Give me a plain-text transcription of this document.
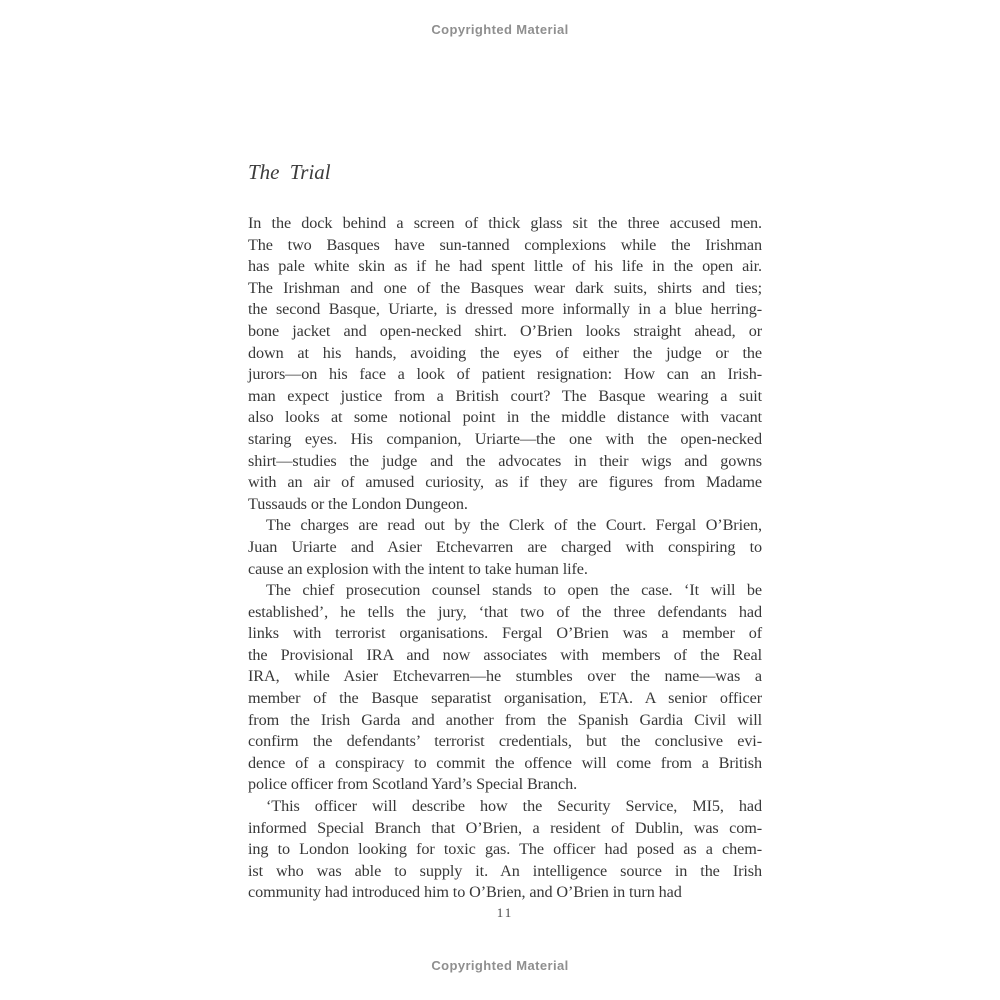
Copyrighted Material
The Trial
In the dock behind a screen of thick glass sit the three accused men.
The two Basques have sun-tanned complexions while the Irishman
has pale white skin as if he had spent little of his life in the open air.
The Irishman and one of the Basques wear dark suits, shirts and ties;
the second Basque, Uriarte, is dressed more informally in a blue herring-
bone jacket and open-necked shirt. O’Brien looks straight ahead, or
down at his hands, avoiding the eyes of either the judge or the
jurors—on his face a look of patient resignation: How can an Irish-
man expect justice from a British court? The Basque wearing a suit
also looks at some notional point in the middle distance with vacant
staring eyes. His companion, Uriarte—the one with the open-necked
shirt—studies the judge and the advocates in their wigs and gowns
with an air of amused curiosity, as if they are figures from Madame
Tussauds or the London Dungeon.
The charges are read out by the Clerk of the Court. Fergal O’Brien,
Juan Uriarte and Asier Etchevarren are charged with conspiring to
cause an explosion with the intent to take human life.
The chief prosecution counsel stands to open the case. ‘It will be
established’, he tells the jury, ‘that two of the three defendants had
links with terrorist organisations. Fergal O’Brien was a member of
the Provisional IRA and now associates with members of the Real
IRA, while Asier Etchevarren—he stumbles over the name—was a
member of the Basque separatist organisation, ETA. A senior officer
from the Irish Garda and another from the Spanish Gardia Civil will
confirm the defendants’ terrorist credentials, but the conclusive evi-
dence of a conspiracy to commit the offence will come from a British
police officer from Scotland Yard’s Special Branch.
‘This officer will describe how the Security Service, MI5, had
informed Special Branch that O’Brien, a resident of Dublin, was com-
ing to London looking for toxic gas. The officer had posed as a chem-
ist who was able to supply it. An intelligence source in the Irish
community had introduced him to O’Brien, and O’Brien in turn had
11
Copyrighted Material
